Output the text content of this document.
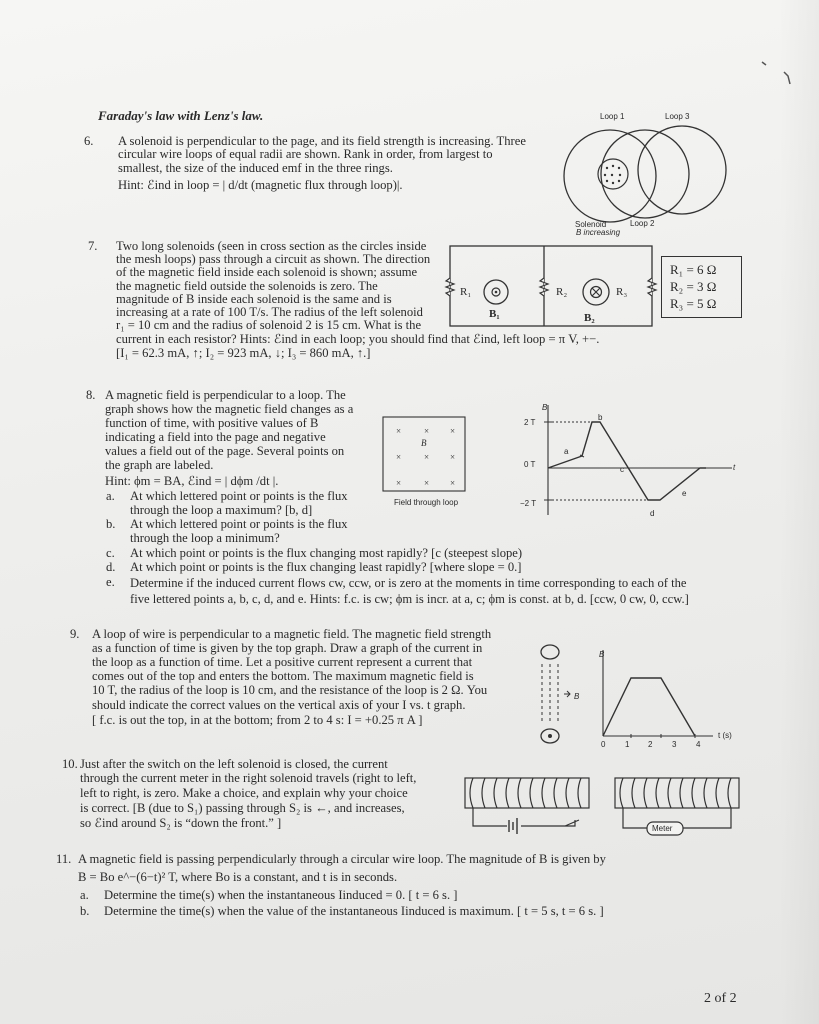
Faraday's law with Lenz's law.
6. A solenoid is perpendicular to the page, and its field strength is increasing. Three
circular wire loops of equal radii are shown. Rank in order, from largest to
smallest, the size of the induced emf in the three rings.
Hint: ℰind in loop = | d/dt (magnetic flux through loop)|.
Loop 1	Loop 3
Loop 2
Solenoid
B increasing
7. Two long solenoids (seen in cross section as the circles inside
the mesh loops) pass through a circuit as shown. The direction
of the magnetic field inside each solenoid is shown; assume
the magnetic field outside the solenoids is zero. The
magnitude of B inside each solenoid is the same and is
increasing at a rate of 100 T/s. The radius of the left solenoid
r₁ = 10 cm and the radius of solenoid 2 is 15 cm. What is the
current in each resistor? Hints: ℰind in each loop; you should find that ℰind, left loop = π V, +−.
[I₁ = 62.3 mA, ↑; I₂ = 923 mA, ↓; I₃ = 860 mA, ↑.]
R₁	R₂	R₃
B₁	B₂
R₁ = 6 Ω
R₂ = 3 Ω
R₃ = 5 Ω
8. A magnetic field is perpendicular to a loop. The
graph shows how the magnetic field changes as a
function of time, with positive values of B
indicating a field into the page and negative
values a field out of the page. Several points on
the graph are labeled.
Hint: ϕm = BA, ℰind = | dϕm /dt |.
a. At which lettered point or points is the flux
through the loop a maximum? [b, d]
b. At which lettered point or points is the flux
through the loop a minimum?
c. At which point or points is the flux changing most rapidly? [c (steepest slope)
d. At which point or points is the flux changing least rapidly? [where slope = 0.]
e. Determine if the induced current flows cw, ccw, or is zero at the moments in time corresponding to each of the
five lettered points a, b, c, d, and e. Hints: f.c. is cw; ϕm is incr. at a, c; ϕm is const. at b, d. [ccw, 0 cw, 0, ccw.]
×	× ×
B
×	× ×
×	× ×
Field through loop
B
2 T
0 T
−2 T
t
a
b
c
d
e
9. A loop of wire is perpendicular to a magnetic field. The magnetic field strength
as a function of time is given by the top graph. Draw a graph of the current in
the loop as a function of time. Let a positive current represent a current that
comes out of the top and enters the bottom. The maximum magnetic field is
10 T, the radius of the loop is 10 cm, and the resistance of the loop is 2 Ω. You
should indicate the correct values on the vertical axis of your I vs. t graph.
[ f.c. is out the top, in at the bottom; from 2 to 4 s: I = +0.25 π A ]
B
B
t (s)
0 1 2 3 4
10. Just after the switch on the left solenoid is closed, the current
through the current meter in the right solenoid travels (right to left,
left to right, is zero. Make a choice, and explain why your choice
is correct. [B (due to S₁) passing through S₂ is ←, and increases,
so ℰind around S₂ is “down the front.” ]	Meter
11. A magnetic field is passing perpendicularly through a circular wire loop. The magnitude of B is given by
B = Bo e^−(6−t)² T, where Bo is a constant, and t is in seconds.
a. Determine the time(s) when the instantaneous Iinduced = 0. [ t = 6 s. ]
b. Determine the time(s) when the value of the instantaneous Iinduced is maximum. [ t = 5 s, t = 6 s. ]
2 of 2
